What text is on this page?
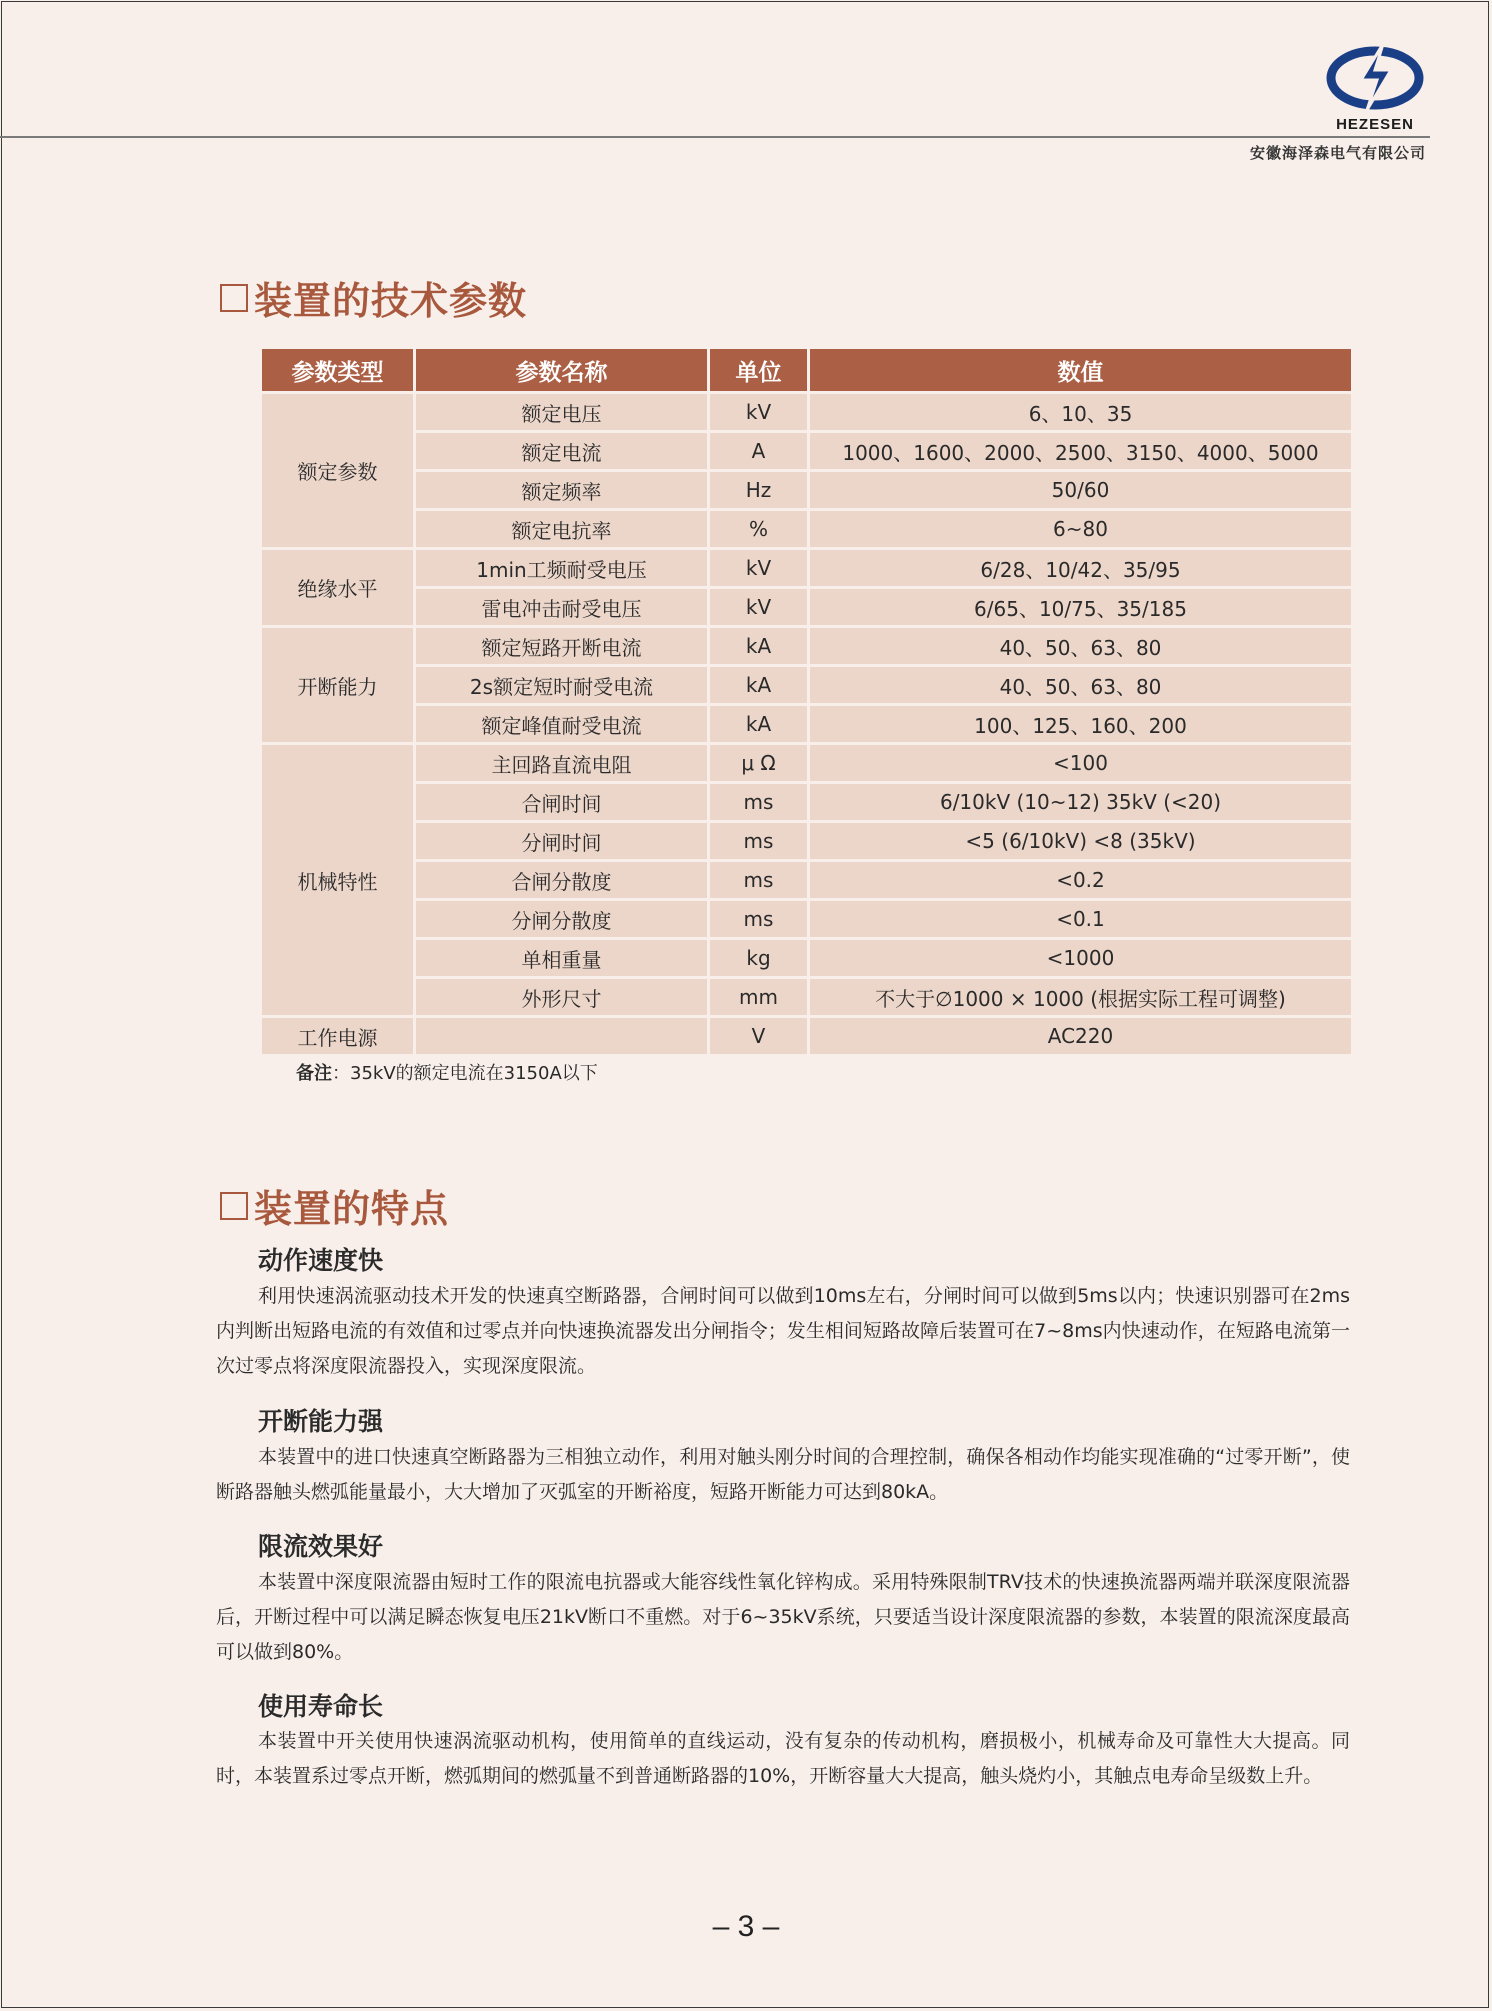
HEZESEN
安徽海泽森电气有限公司
装置的技术参数
参数类型	参数名称	单位	数值
额定参数	额定电压	kV	6、10、35
	额定电流	A	1000、1600、2000、2500、3150、4000、5000
	额定频率	Hz	50/60
	额定电抗率	%	6~80
绝缘水平	1min工频耐受电压	kV	6/28、10/42、35/95
	雷电冲击耐受电压	kV	6/65、10/75、35/185
开断能力	额定短路开断电流	kA	40、50、63、80
	2s额定短时耐受电流	kA	40、50、63、80
	额定峰值耐受电流	kA	100、125、160、200
机械特性	主回路直流电阻	μ Ω	<100
	合闸时间	ms	6/10kV (10~12) 35kV (<20)
	分闸时间	ms	<5 (6/10kV) <8 (35kV)
	合闸分散度	ms	<0.2
	分闸分散度	ms	<0.1
	单相重量	kg	<1000
	外形尺寸	mm	不大于∅1000 × 1000 (根据实际工程可调整)
工作电源		V	AC220
备注：35kV的额定电流在3150A以下
装置的特点
动作速度快

利用快速涡流驱动技术开发的快速真空断路器，合闸时间可以做到10ms左右，分闸时间可以做到5ms以内；快速识别器可在2ms内判断出短路电流的有效值和过零点并向快速换流器发出分闸指令；发生相间短路故障后装置可在7~8ms内快速动作，在短路电流第一次过零点将深度限流器投入，实现深度限流。

开断能力强

本装置中的进口快速真空断路器为三相独立动作，利用对触头刚分时间的合理控制，确保各相动作均能实现准确的“过零开断”，使断路器触头燃弧能量最小，大大增加了灭弧室的开断裕度，短路开断能力可达到80kA。

限流效果好

本装置中深度限流器由短时工作的限流电抗器或大能容线性氧化锌构成。采用特殊限制TRV技术的快速换流器两端并联深度限流器后，开断过程中可以满足瞬态恢复电压21kV断口不重燃。对于6~35kV系统，只要适当设计深度限流器的参数，本装置的限流深度最高可以做到80%。

使用寿命长

本装置中开关使用快速涡流驱动机构，使用简单的直线运动，没有复杂的传动机构，磨损极小，机械寿命及可靠性大大提高。同时，本装置系过零点开断，燃弧期间的燃弧量不到普通断路器的10%，开断容量大大提高，触头烧灼小，其触点电寿命呈级数上升。

– 3 –
